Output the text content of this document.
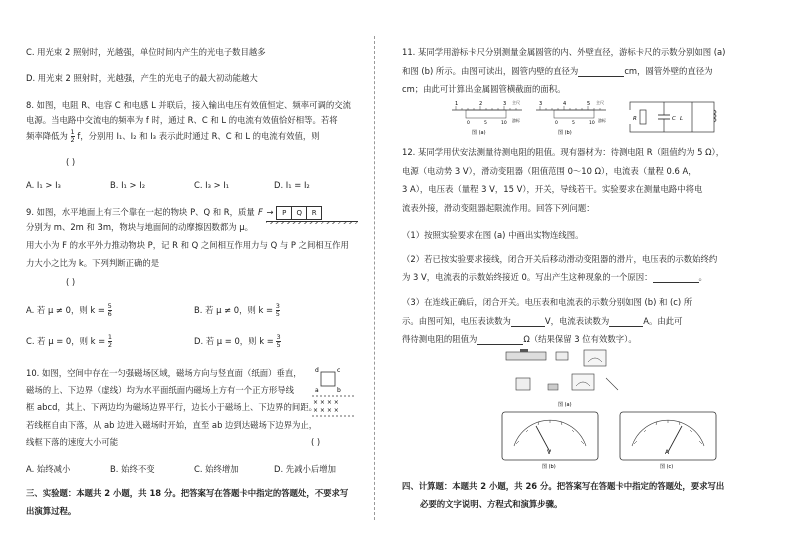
C. 用光束 2 照射时，光越强，单位时间内产生的光电子数目越多
D. 用光束 2 照射时，光越强，产生的光电子的最大初动能越大
8. 如图，电阻 R、电容 C 和电感 L 并联后，接入输出电压有效值恒定、频率可调的交流
电源。当电路中交流电的频率为 f 时，通过 R、C 和 L 的电流有效值恰好相等。若将
频率降低为 $\frac{1}{2}$ f，分别用 I₁、I₂ 和 I₃ 表示此时通过 R、C 和 L 的电流有效值，则
( )
A. I₁ > I₃	B. I₁ > I₂	C. I₃ > I₁	D. I₁ = I₂
9. 如图，水平地面上有三个靠在一起的物块 P、Q 和 R，质量 F → P Q R
分别为 m、2m 和 3m，物块与地面间的动摩擦因数都为 μ。
用大小为 F 的水平外力推动物块 P，记 R 和 Q 之间相互作用力与 Q 与 P 之间相互作用
力大小之比为 k。下列判断正确的是
( )
A. 若 μ ≠ 0，则 $k = \frac{5}{6}$	B. 若 μ ≠ 0，则 $k = \frac{3}{5}$
C. 若 μ = 0，则 $k = \frac{1}{2}$	D. 若 μ = 0，则 $k = \frac{3}{5}$
10. 如图，空间中存在一匀强磁场区域，磁场方向与竖直面（纸面）垂直， d	c
a	b
× × × ×
× × × ×
磁场的上、下边界（虚线）均为水平面纸面内磁场上方有一个正方形导线
框 abcd，其上、下两边均为磁场边界平行，边长小于磁场上、下边界的间距。
若线框自由下落，从 ab 边进入磁场时开始，直至 ab 边到达磁场下边界为止，
线框下落的速度大小可能	( )
A. 始终减小	B. 始终不变	C. 始终增加	D. 先减小后增加
三、实验题：本题共 2 小题，共 18 分。把答案写在答题卡中指定的答题处，不要求写
出演算过程。
11. 某同学用游标卡尺分别测量金属圆管的内、外壁直径，游标卡尺的示数分别如图 (a)
和图 (b) 所示。由图可读出，圆管内壁的直径为	cm，圆管外壁的直径为
cm；由此可计算出金属圆管横截面的面积。
1	2	3
0	5	10
主尺
游标
图 (a)
3	4	5
0	5	10
主尺
游标
图 (b)
R	C L
12. 某同学用伏安法测量待测电阻的阻值。现有器材为：待测电阻 R（阻值约为 5 Ω），
电源（电动势 3 V），滑动变阻器（阻值范围 0～10 Ω），电流表（量程 0.6 A，
3 A），电压表（量程 3 V，15 V），开关，导线若干。实验要求在测量电路中将电
流表外接，滑动变阻器起限流作用。回答下列问题：
（1）按照实验要求在图 (a) 中画出实物连线图。
（2）若已按实验要求接线，闭合开关后移动滑动变阻器的滑片，电压表的示数始终约
为 3 V，电流表的示数始终接近 0。写出产生这种现象的一个原因：	。
（3）在连线正确后，闭合开关。电压表和电流表的示数分别如图 (b) 和 (c) 所
示。由图可知，电压表读数为	V，电流表读数为	A。由此可
得待测电阻的阻值为	Ω（结果保留 3 位有效数字）。
图 (a)
V
图 (b)
A
图 (c)
四、计算题：本题共 2 小题，共 26 分。把答案写在答题卡中指定的答题处，要求写出
必要的文字说明、方程式和演算步骤。
